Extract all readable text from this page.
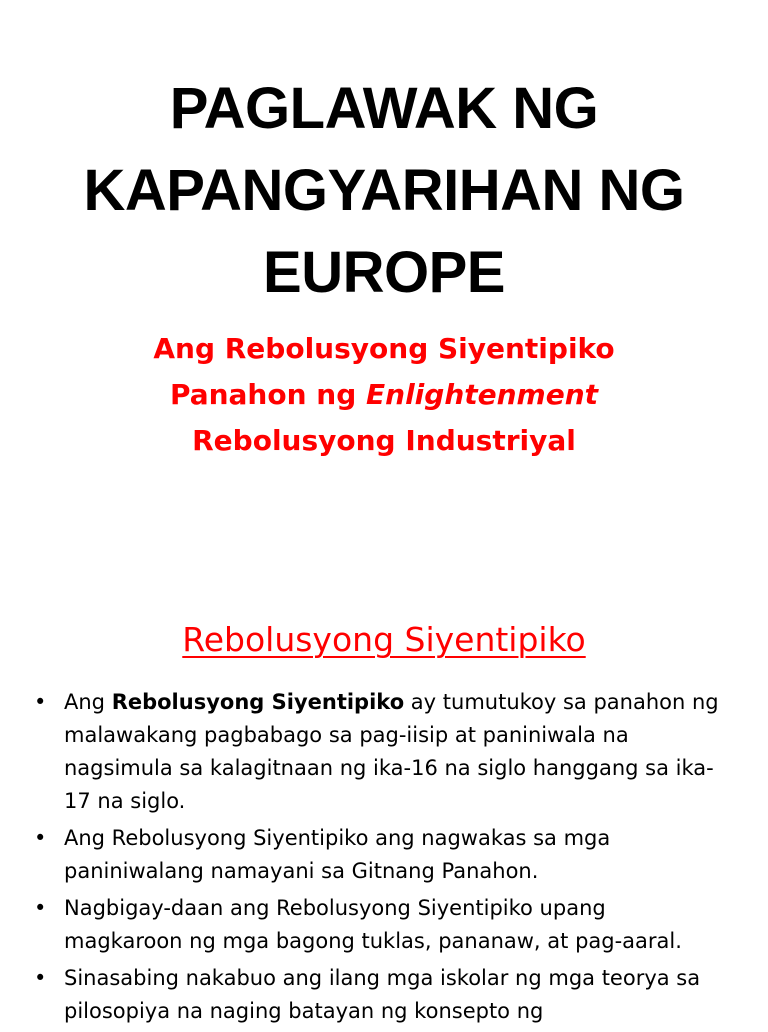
PAGLAWAK NG
KAPANGYARIHAN NG
EUROPE
Ang Rebolusyong Siyentipiko
Panahon ng Enlightenment
Rebolusyong Industriyal
Rebolusyong Siyentipiko
• Ang Rebolusyong Siyentipiko ay tumutukoy sa panahon ng malawakang pagbabago sa pag-iisip at paniniwala na nagsimula sa kalagitnaan ng ika-16 na siglo hanggang sa ika-17 na siglo.
• Ang Rebolusyong Siyentipiko ang nagwakas sa mga paniniwalang namayani sa Gitnang Panahon.
• Nagbigay-daan ang Rebolusyong Siyentipiko upang magkaroon ng mga bagong tuklas, pananaw, at pag-aaral.
• Sinasabing nakabuo ang ilang mga iskolar ng mga teorya sa pilosopiya na naging batayan ng konsepto ng
